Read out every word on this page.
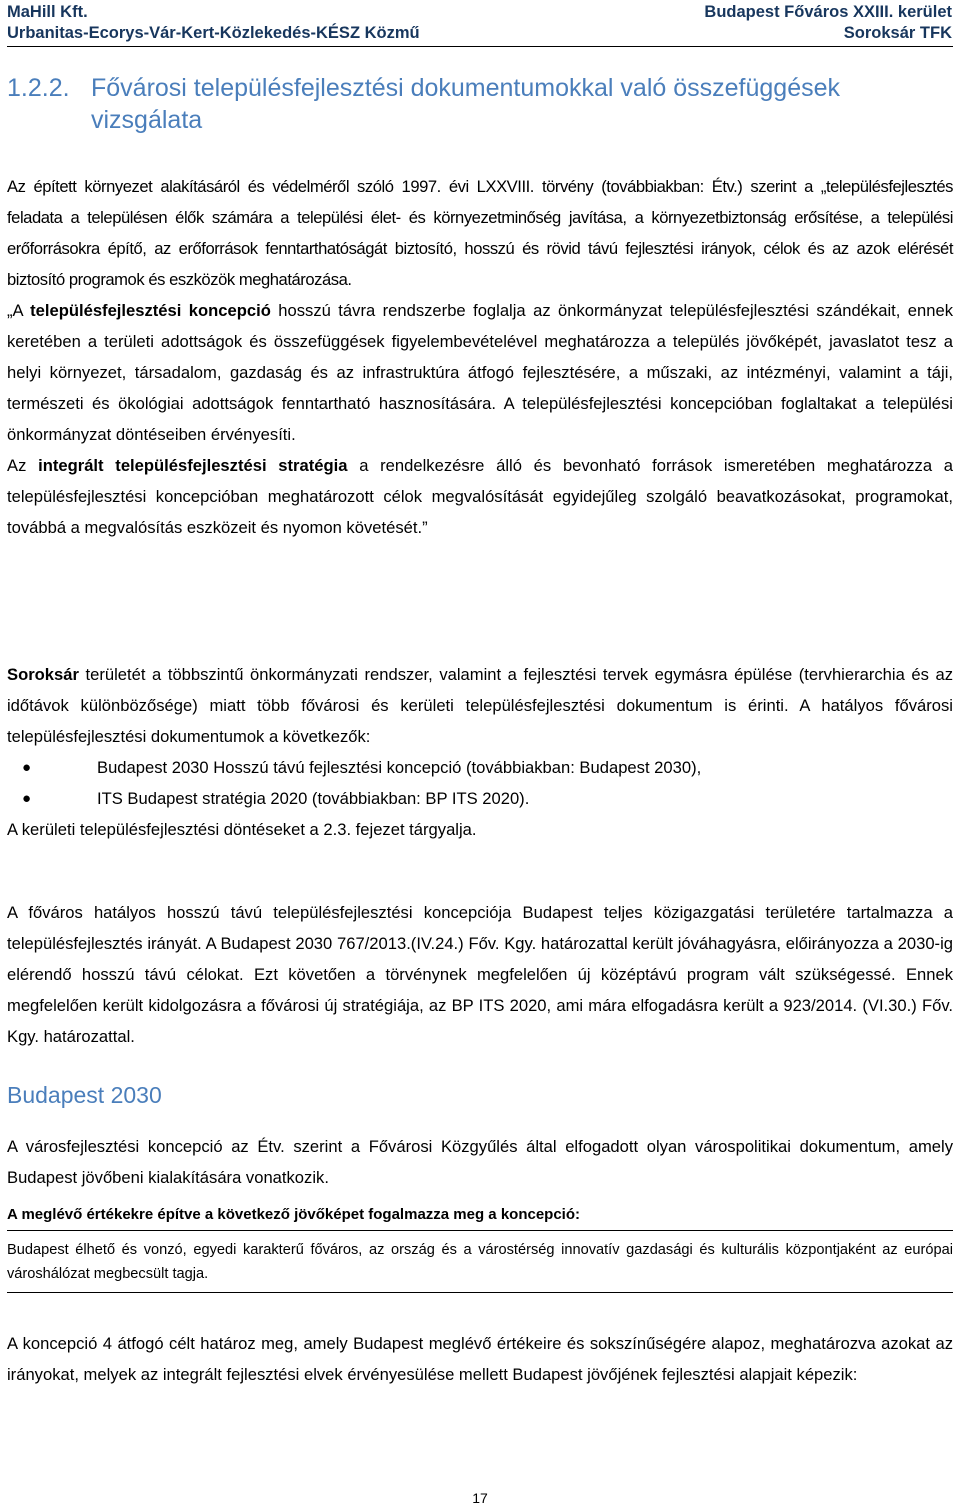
MaHill Kft.
Urbanitas-Ecorys-Vár-Kert-Közlekedés-KÉSZ Közmű
Budapest Főváros XXIII. kerület
Soroksár TFK
1.2.2. Fővárosi településfejlesztési dokumentumokkal való összefüggések
vizsgálata

Az épített környezet alakításáról és védelméről szóló 1997. évi LXXVIII. törvény (továbbiakban: Étv.) szerint a „településfejlesztés feladata a településen élők számára a települési élet- és környezetminőség javítása, a környezetbiztonság erősítése, a települési erőforrásokra építő, az erőforrások fenntarthatóságát biztosító, hosszú és rövid távú fejlesztési irányok, célok és az azok elérését biztosító programok és eszközök meghatározása.

„A településfejlesztési koncepció hosszú távra rendszerbe foglalja az önkormányzat településfejlesztési szándékait, ennek keretében a területi adottságok és összefüggések figyelembevételével meghatározza a település jövőképét, javaslatot tesz a helyi környezet, társadalom, gazdaság és az infrastruktúra átfogó fejlesztésére, a műszaki, az intézményi, valamint a táji, természeti és ökológiai adottságok fenntartható hasznosítására. A településfejlesztési koncepcióban foglaltakat a települési önkormányzat döntéseiben érvényesíti.

Az integrált településfejlesztési stratégia a rendelkezésre álló és bevonható források ismeretében meghatározza a településfejlesztési koncepcióban meghatározott célok megvalósítását egyidejűleg szolgáló beavatkozásokat, programokat, továbbá a megvalósítás eszközeit és nyomon követését.”

Soroksár területét a többszintű önkormányzati rendszer, valamint a fejlesztési tervek egymásra épülése (tervhierarchia és az időtávok különbözősége) miatt több fővárosi és kerületi településfejlesztési dokumentum is érinti. A hatályos fővárosi településfejlesztési dokumentumok a következők:

●	Budapest 2030 Hosszú távú fejlesztési koncepció (továbbiakban: Budapest 2030),
●	ITS Budapest stratégia 2020 (továbbiakban: BP ITS 2020).

A kerületi településfejlesztési döntéseket a 2.3. fejezet tárgyalja.

A főváros hatályos hosszú távú településfejlesztési koncepciója Budapest teljes közigazgatási területére tartalmazza a településfejlesztés irányát. A Budapest 2030 767/2013.(IV.24.) Főv. Kgy. határozattal került jóváhagyásra, előirányozza a 2030-ig elérendő hosszú távú célokat. Ezt követően a törvénynek megfelelően új középtávú program vált szükségessé. Ennek megfelelően került kidolgozásra a fővárosi új stratégiája, az BP ITS 2020, ami mára elfogadásra került a 923/2014. (VI.30.) Főv. Kgy. határozattal.
Budapest 2030
A városfejlesztési koncepció az Étv. szerint a Fővárosi Közgyűlés által elfogadott olyan várospolitikai dokumentum, amely Budapest jövőbeni kialakítására vonatkozik.
A meglévő értékekre építve a következő jövőképet fogalmazza meg a koncepció:
Budapest élhető és vonzó, egyedi karakterű főváros, az ország és a várostérség innovatív gazdasági és kulturális központjaként az európai városhálózat megbecsült tagja.
A koncepció 4 átfogó célt határoz meg, amely Budapest meglévő értékeire és sokszínűségére alapoz, meghatározva azokat az irányokat, melyek az integrált fejlesztési elvek érvényesülése mellett Budapest jövőjének fejlesztési alapjait képezik:
17
